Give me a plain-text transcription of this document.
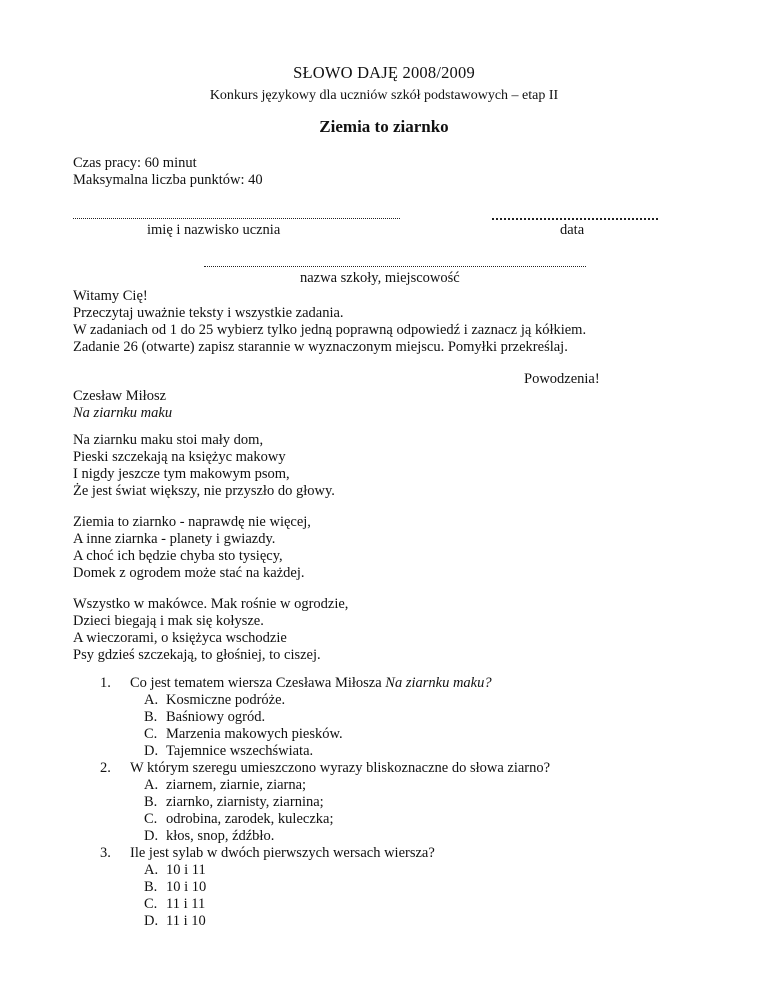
SŁOWO DAJĘ 2008/2009
Konkurs językowy dla uczniów szkół podstawowych – etap II
Ziemia to ziarnko
Czas pracy: 60 minut
Maksymalna liczba punktów: 40
imię i nazwisko ucznia	data
nazwa szkoły, miejscowość
Witamy Cię!
Przeczytaj uważnie teksty i wszystkie zadania.
W zadaniach od 1 do 25 wybierz tylko jedną poprawną odpowiedź i zaznacz ją kółkiem.
Zadanie 26 (otwarte) zapisz starannie w wyznaczonym miejscu. Pomyłki przekreślaj.
Powodzenia!
Czesław Miłosz
Na ziarnku maku
Na ziarnku maku stoi mały dom,
Pieski szczekają na księżyc makowy
I nigdy jeszcze tym makowym psom,
Że jest świat większy, nie przyszło do głowy.
Ziemia to ziarnko - naprawdę nie więcej,
A inne ziarnka - planety i gwiazdy.
A choć ich będzie chyba sto tysięcy,
Domek z ogrodem może stać na każdej.
Wszystko w makówce. Mak rośnie w ogrodzie,
Dzieci biegają i mak się kołysze.
A wieczorami, o księżyca wschodzie
Psy gdzieś szczekają, to głośniej, to ciszej.
1. Co jest tematem wiersza Czesława Miłosza Na ziarnku maku?
A. Kosmiczne podróże.
B. Baśniowy ogród.
C. Marzenia makowych piesków.
D. Tajemnice wszechświata.
2. W którym szeregu umieszczono wyrazy bliskoznaczne do słowa ziarno?
A. ziarnem, ziarnie, ziarna;
B. ziarnko, ziarnisty, ziarnina;
C. odrobina, zarodek, kuleczka;
D. kłos, snop, źdźbło.
3. Ile jest sylab w dwóch pierwszych wersach wiersza?
A. 10 i 11
B. 10 i 10
C. 11 i 11
D. 11 i 10
